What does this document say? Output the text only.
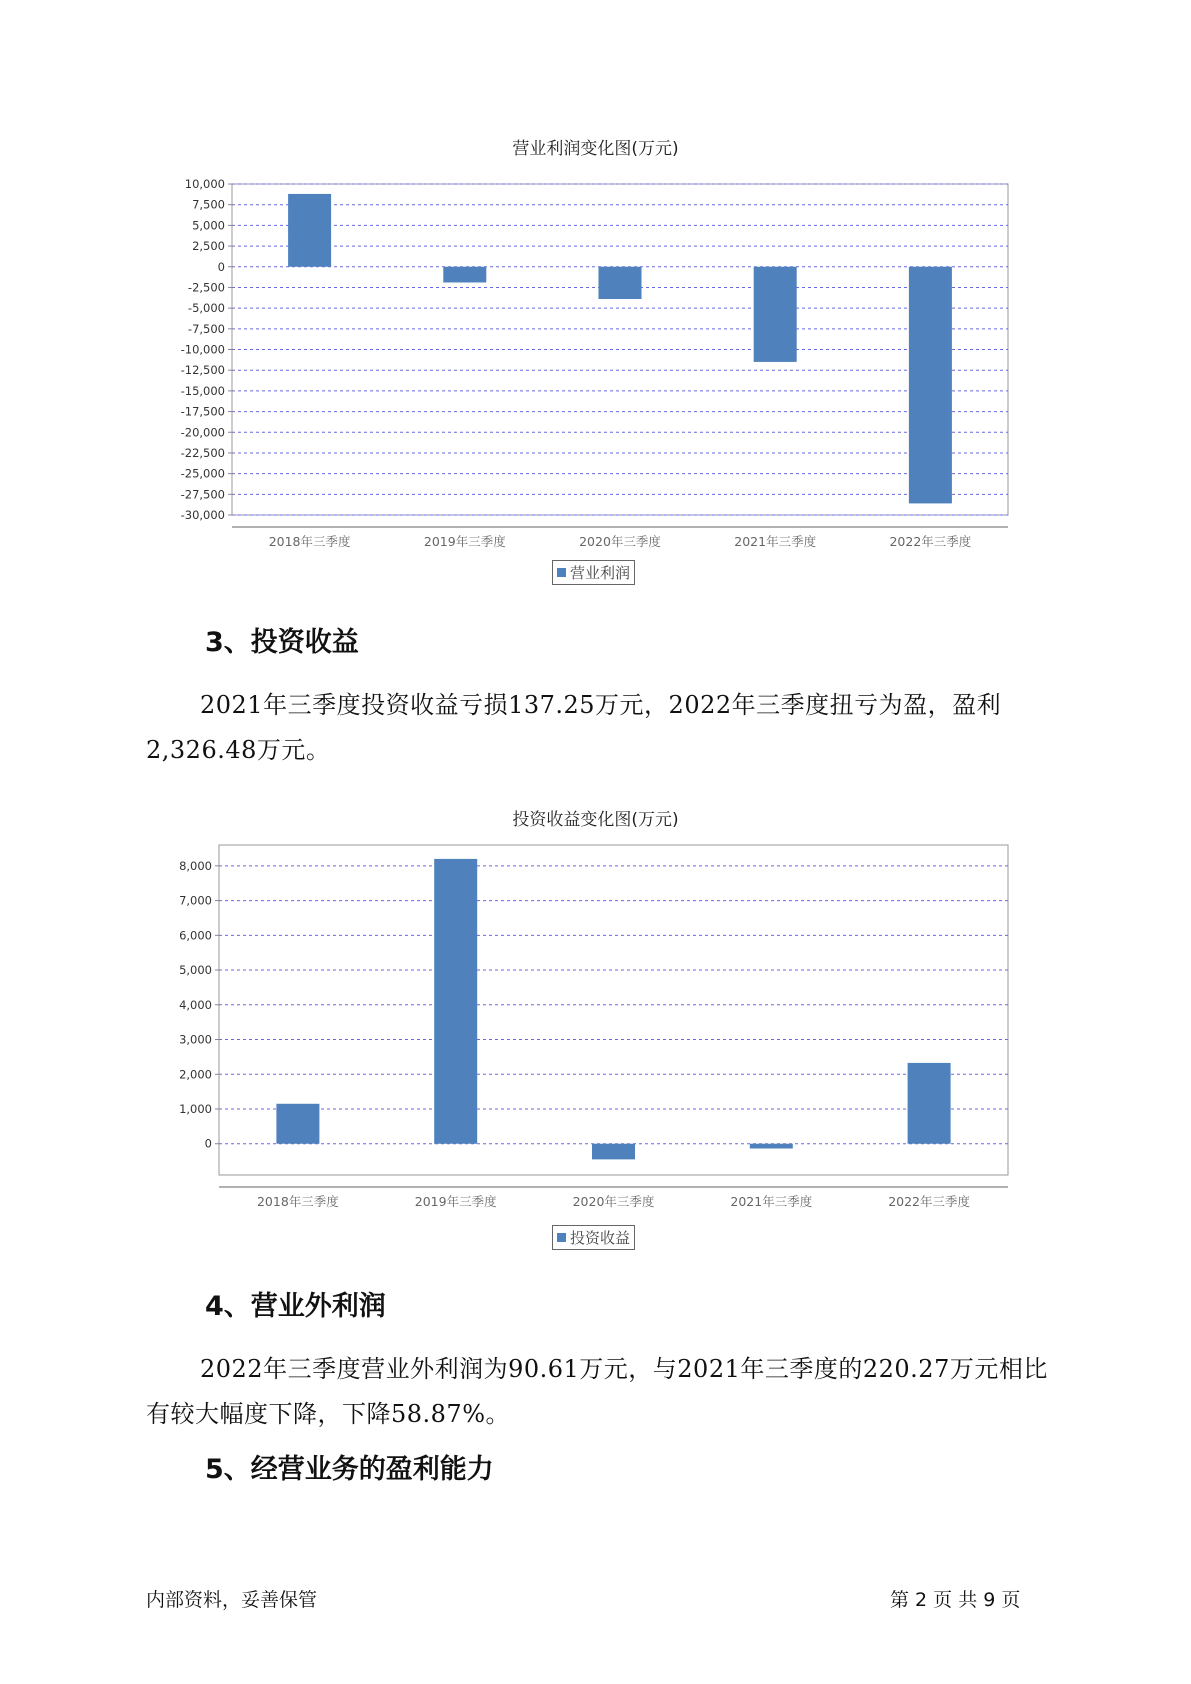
营业利润变化图(万元)
10,000
7,500
5,000
2,500
0
-2,500
-5,000
-7,500
-10,000
-12,500
-15,000
-17,500
-20,000
-22,500
-25,000
-27,500
-30,000
2018年三季度	2019年三季度	2020年三季度	2021年三季度	2022年三季度
营业利润
3、投资收益

2021年三季度投资收益亏损137.25万元，2022年三季度扭亏为盈，盈利2,326.48万元。

投资收益变化图(万元)
8,000
7,000
6,000
5,000
4,000
3,000
2,000
1,000
0
2018年三季度	2019年三季度	2020年三季度	2021年三季度	2022年三季度
投资收益
4、营业外利润

2022年三季度营业外利润为90.61万元，与2021年三季度的220.27万元相比有较大幅度下降，下降58.87%。

5、经营业务的盈利能力
内部资料，妥善保管	第 2 页 共 9 页
